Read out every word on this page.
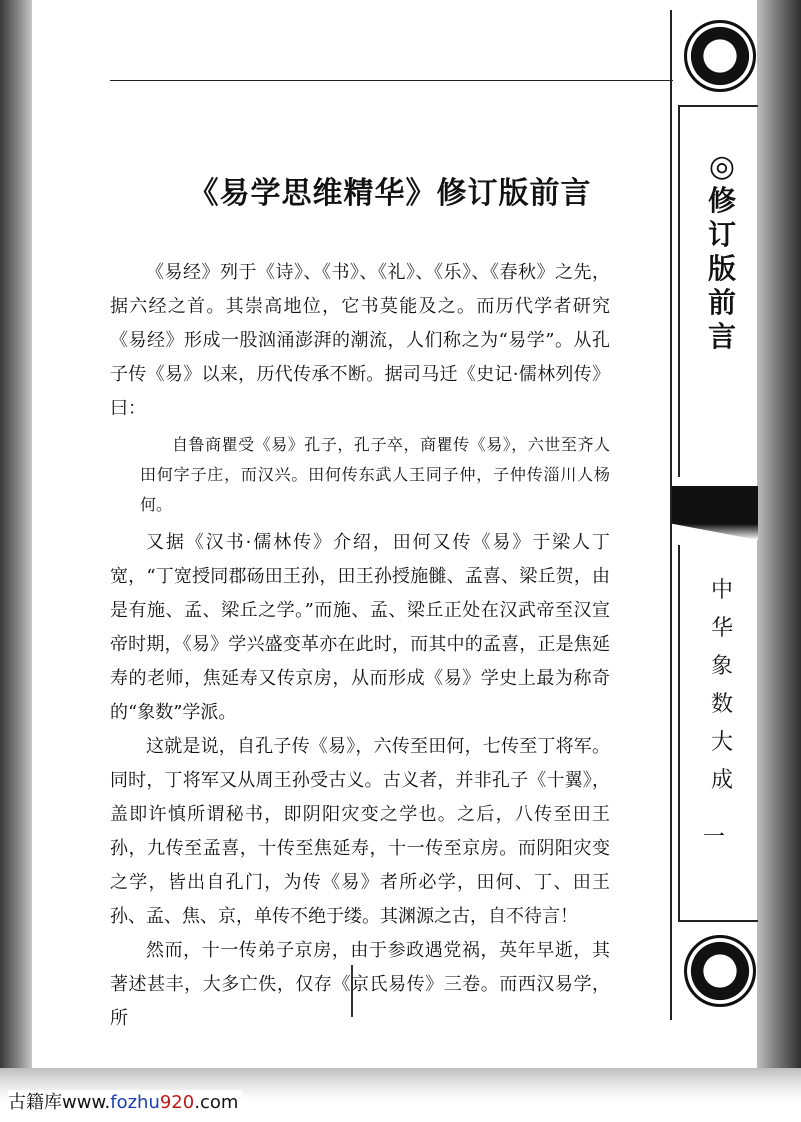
《易学思维精华》修订版前言

《易经》列于《诗》、《书》、《礼》、《乐》、《春秋》之先，据六经之首。其崇高地位，它书莫能及之。而历代学者研究《易经》形成一股汹涌澎湃的潮流，人们称之为“易学”。从孔子传《易》以来，历代传承不断。据司马迁《史记·儒林列传》曰：

自鲁商瞿受《易》孔子，孔子卒，商瞿传《易》，六世至齐人田何字子庄，而汉兴。田何传东武人王同子仲，子仲传淄川人杨何。

又据《汉书·儒林传》介绍，田何又传《易》于梁人丁宽，“丁宽授同郡砀田王孙，田王孙授施雠、孟喜、梁丘贺，由是有施、孟、梁丘之学。”而施、孟、梁丘正处在汉武帝至汉宣帝时期，《易》学兴盛变革亦在此时，而其中的孟喜，正是焦延寿的老师，焦延寿又传京房，从而形成《易》学史上最为称奇的“象数”学派。

这就是说，自孔子传《易》，六传至田何，七传至丁将军。同时，丁将军又从周王孙受古义。古义者，并非孔子《十翼》，盖即许慎所谓秘书，即阴阳灾变之学也。之后，八传至田王孙，九传至孟喜，十传至焦延寿，十一传至京房。而阴阳灾变之学，皆出自孔门，为传《易》者所必学，田何、丁、田王孙、孟、焦、京，单传不绝于缕。其渊源之古，自不待言！

然而，十一传弟子京房，由于参政遇党祸，英年早逝，其著述甚丰，大多亡佚，仅存《京氏易传》三卷。而西汉易学，所

❦
◎
修
订
版
前
言
中
华
象
数
大
成
一
✺
古籍库www.fozhu920.com
